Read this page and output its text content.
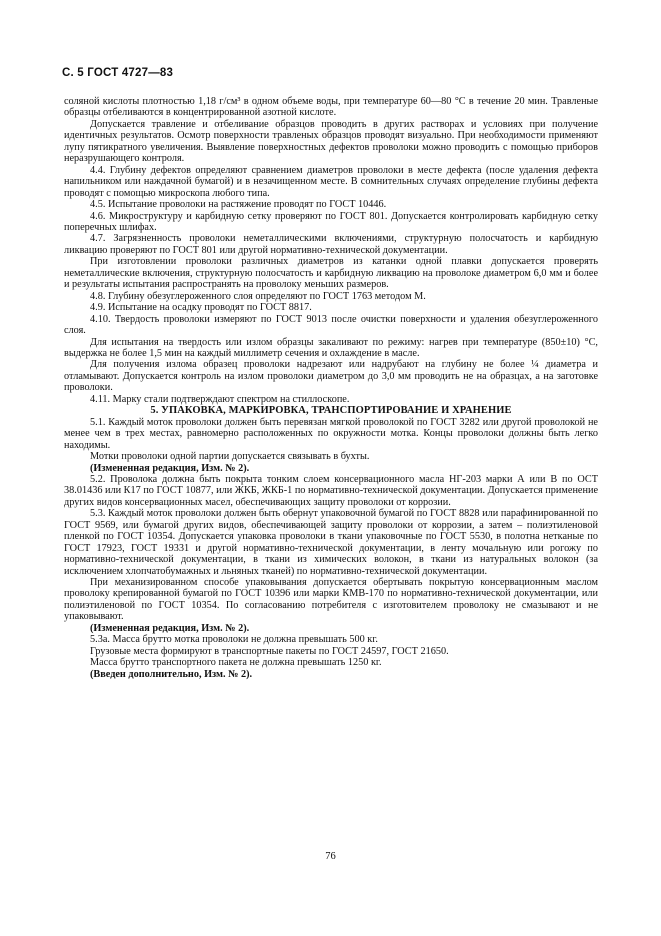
С. 5 ГОСТ 4727—83

соляной кислоты плотностью 1,18 г/см³ в одном объеме воды, при температуре 60—80 °С в течение 20 мин. Травленые образцы отбеливаются в концентрированной азотной кислоте.

Допускается травление и отбеливание образцов проводить в других растворах и условиях при получение идентичных результатов. Осмотр поверхности травленых образцов проводят визуально. При необходимости применяют лупу пятикратного увеличения. Выявление поверхностных дефектов проволоки можно проводить с помощью приборов неразрушающего контроля.

4.4. Глубину дефектов определяют сравнением диаметров проволоки в месте дефекта (после удаления дефекта напильником или наждачной бумагой) и в незачищенном месте. В сомнительных случаях определение глубины дефекта проводят с помощью микроскопа любого типа.

4.5. Испытание проволоки на растяжение проводят по ГОСТ 10446.

4.6. Микроструктуру и карбидную сетку проверяют по ГОСТ 801. Допускается контролировать карбидную сетку поперечных шлифах.

4.7. Загрязненность проволоки неметаллическими включениями, структурную полосчатость и карбидную ликвацию проверяют по ГОСТ 801 или другой нормативно-технической документации.

При изготовлении проволоки различных диаметров из катанки одной плавки допускается проверять неметаллические включения, структурную полосчатость и карбидную ликвацию на проволоке диаметром 6,0 мм и более и результаты испытания распространять на проволоку меньших размеров.

4.8. Глубину обезуглероженного слоя определяют по ГОСТ 1763 методом М.

4.9. Испытание на осадку проводят по ГОСТ 8817.

4.10. Твердость проволоки измеряют по ГОСТ 9013 после очистки поверхности и удаления обезуглероженного слоя.

Для испытания на твердость или излом образцы закаливают по режиму: нагрев при температуре (850±10) °С, выдержка не более 1,5 мин на каждый миллиметр сечения и охлаждение в масле.

Для получения излома образец проволоки надрезают или надрубают на глубину не более ¼ диаметра и отламывают. Допускается контроль на излом проволоки диаметром до 3,0 мм проводить не на образцах, а на заготовке проволоки.

4.11. Марку стали подтверждают спектром на стиллоскопе.

5. УПАКОВКА, МАРКИРОВКА, ТРАНСПОРТИРОВАНИЕ И ХРАНЕНИЕ

5.1. Каждый моток проволоки должен быть перевязан мягкой проволокой по ГОСТ 3282 или другой проволокой не менее чем в трех местах, равномерно расположенных по окружности мотка. Концы проволоки должны быть легко находимы.

Мотки проволоки одной партии допускается связывать в бухты.

(Измененная редакция, Изм. № 2).

5.2. Проволока должна быть покрыта тонким слоем консервационного масла НГ-203 марки А или В по ОСТ 38.01436 или К17 по ГОСТ 10877, или ЖКБ, ЖКБ-1 по нормативно-технической документации. Допускается применение других видов консервационных масел, обеспечивающих защиту проволоки от коррозии.

5.3. Каждый моток проволоки должен быть обернут упаковочной бумагой по ГОСТ 8828 или парафинированной по ГОСТ 9569, или бумагой других видов, обеспечивающей защиту проволоки от коррозии, а затем – полиэтиленовой пленкой по ГОСТ 10354. Допускается упаковка проволоки в ткани упаковочные по ГОСТ 5530, в полотна нетканые по ГОСТ 17923, ГОСТ 19331 и другой нормативно-технической документации, в ленту мочальную или рогожу по нормативно-технической документации, в ткани из химических волокон, в ткани из натуральных волокон (за исключением хлопчатобумажных и льняных тканей) по нормативно-технической документации.

При механизированном способе упаковывания допускается обертывать покрытую консервационным маслом проволоку крепированной бумагой по ГОСТ 10396 или марки КМВ-170 по нормативно-технической документации, или полиэтиленовой по ГОСТ 10354. По согласованию потребителя с изготовителем проволоку не смазывают и не упаковывают.

(Измененная редакция, Изм. № 2).

5.3а. Масса брутто мотка проволоки не должна превышать 500 кг.

Грузовые места формируют в транспортные пакеты по ГОСТ 24597, ГОСТ 21650.

Масса брутто транспортного пакета не должна превышать 1250 кг.

(Введен дополнительно, Изм. № 2).

76
